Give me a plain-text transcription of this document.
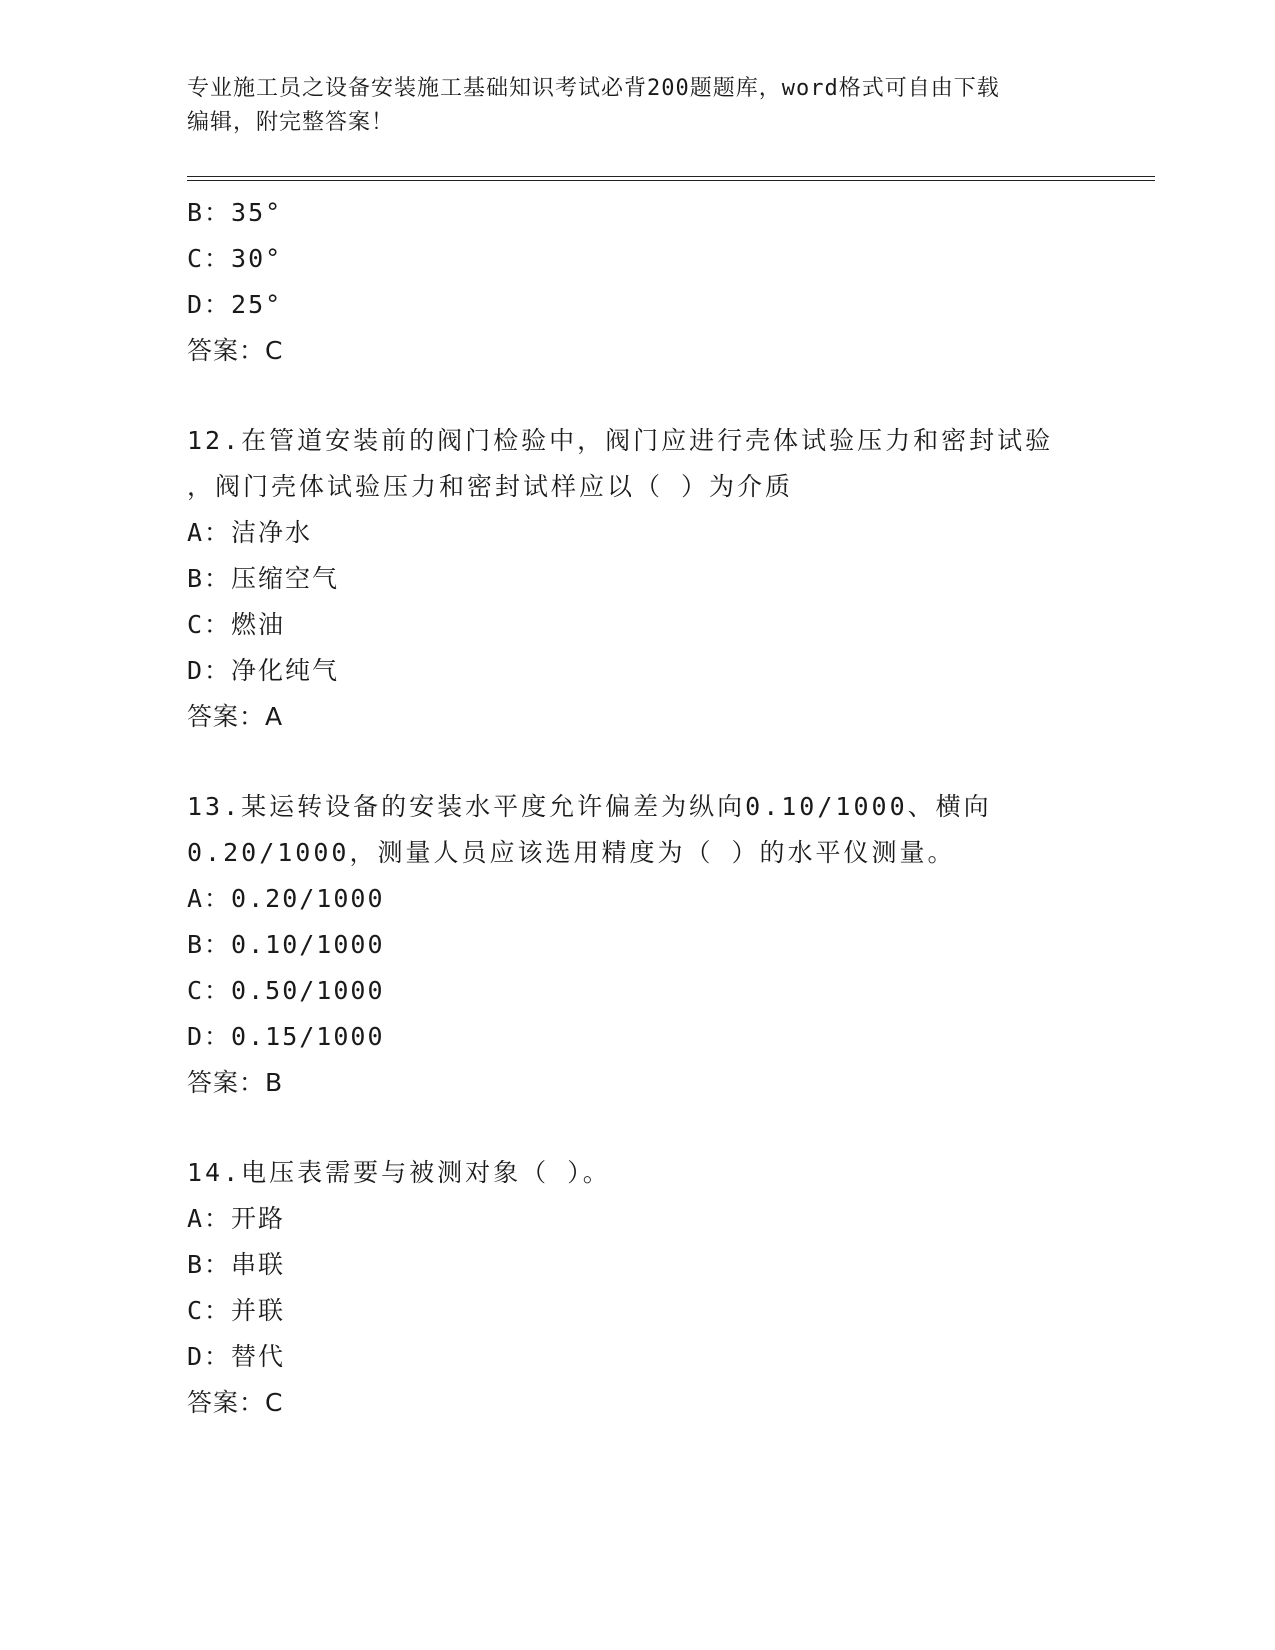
专业施工员之设备安装施工基础知识考试必背200题题库，word格式可自由下载
编辑，附完整答案！
B：35°
C：30°
D：25°
答案：C
12.在管道安装前的阀门检验中，阀门应进行壳体试验压力和密封试验
，阀门壳体试验压力和密封试样应以（ ）为介质
A：洁净水
B：压缩空气
C：燃油
D：净化纯气
答案：A
13.某运转设备的安装水平度允许偏差为纵向0.10/1000、横向
0.20/1000，测量人员应该选用精度为（ ）的水平仪测量。
A：0.20/1000
B：0.10/1000
C：0.50/1000
D：0.15/1000
答案：B
14.电压表需要与被测对象（ ）。
A：开路
B：串联
C：并联
D：替代
答案：C
